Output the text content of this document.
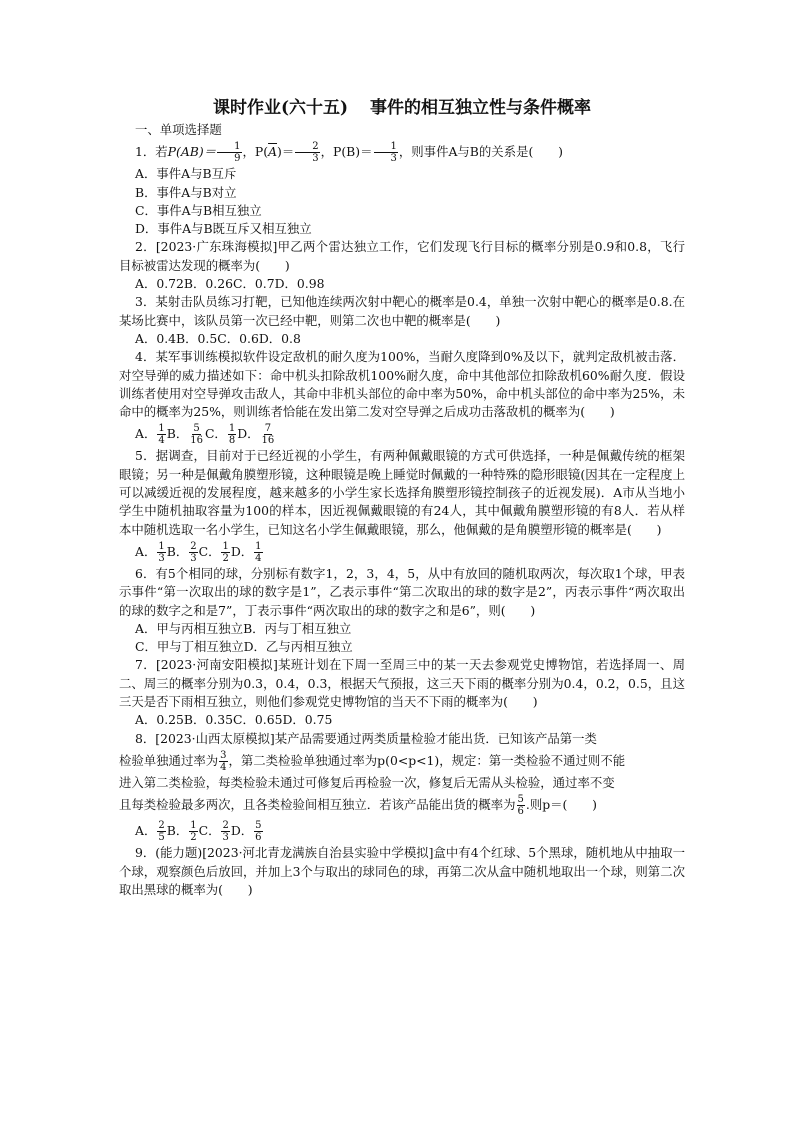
课时作业(六十五) 事件的相互独立性与条件概率
一、单项选择题
1．若$P(AB)= \frac{1}{9}$ ，$P(\overline{A})= \frac{2}{3}$ ，$P(B)= \frac{1}{3}$ ，则事件A与B的关系是(　　)
A．事件A与B互斥
B．事件A与B对立
C．事件A与B相互独立
D．事件A与B既互斥又相互独立
2．[2023·广东珠海模拟]甲乙两个雷达独立工作，它们发现飞行目标的概率分别是0.9和0.8，飞行目标被雷达发现的概率为(　　)
A．0.72B．0.26C．0.7D．0.98
3．某射击队员练习打靶，已知他连续两次射中靶心的概率是0.4，单独一次射中靶心的概率是0.8.在某场比赛中，该队员第一次已经中靶，则第二次也中靶的概率是(　　)
A．0.4B．0.5C．0.6D．0.8
4．某军事训练模拟软件设定敌机的耐久度为100%，当耐久度降到0%及以下，就判定敌机被击落．对空导弹的威力描述如下：命中机头扣除敌机100%耐久度，命中其他部位扣除敌机60%耐久度．假设训练者使用对空导弹攻击敌人，其命中非机头部位的命中率为50%，命中机头部位的命中率为25%，未命中的概率为25%，则训练者恰能在发出第二发对空导弹之后成功击落敌机的概率为(　　)
A． $\frac{1}{4}$ B． $\frac{5}{16}$ C． $\frac{1}{8}$ D． $\frac{7}{16}$
5．据调查，目前对于已经近视的小学生，有两种佩戴眼镜的方式可供选择，一种是佩戴传统的框架眼镜；另一种是佩戴角膜塑形镜，这种眼镜是晚上睡觉时佩戴的一种特殊的隐形眼镜(因其在一定程度上可以减缓近视的发展程度，越来越多的小学生家长选择角膜塑形镜控制孩子的近视发展)．A市从当地小学生中随机抽取容量为100的样本，因近视佩戴眼镜的有24人，其中佩戴角膜塑形镜的有8人．若从样本中随机选取一名小学生，已知这名小学生佩戴眼镜，那么，他佩戴的是角膜塑形镜的概率是(　　)
A． $\frac{1}{3}$ B． $\frac{2}{3}$ C． $\frac{1}{2}$ D． $\frac{1}{4}$
6．有5个相同的球，分别标有数字1，2，3，4，5，从中有放回的随机取两次，每次取1个球，甲表示事件“第一次取出的球的数字是1”，乙表示事件“第二次取出的球的数字是2”，丙表示事件“两次取出的球的数字之和是7”，丁表示事件“两次取出的球的数字之和是6”，则(　　)
A．甲与丙相互独立B．丙与丁相互独立
C．甲与丁相互独立D．乙与丙相互独立
7．[2023·河南安阳模拟]某班计划在下周一至周三中的某一天去参观党史博物馆，若选择周一、周二、周三的概率分别为0.3，0.4，0.3，根据天气预报，这三天下雨的概率分别为0.4，0.2，0.5，且这三天是否下雨相互独立，则他们参观党史博物馆的当天不下雨的概率为(　　)
A．0.25B．0.35C．0.65D．0.75
8．[2023·山西太原模拟]某产品需要通过两类质量检验才能出货．已知该产品第一类
检验单独通过率为 $\frac{3}{4}$ ，第二类检验单独通过率为p(0<p<1)，规定：第一类检验不通过则不能
进入第二类检验，每类检验未通过可修复后再检验一次，修复后无需从头检验，通过率不变
且每类检验最多两次，且各类检验间相互独立．若该产品能出货的概率为 $\frac{5}{6}$ .则p＝(　　)
A． $\frac{2}{5}$ B． $\frac{1}{2}$ C． $\frac{2}{3}$ D． $\frac{5}{6}$
9．(能力题)[2023·河北青龙满族自治县实验中学模拟]盒中有4个红球、5个黑球，随机地从中抽取一个球，观察颜色后放回，并加上3个与取出的球同色的球，再第二次从盒中随机地取出一个球，则第二次取出黑球的概率为(　　)
